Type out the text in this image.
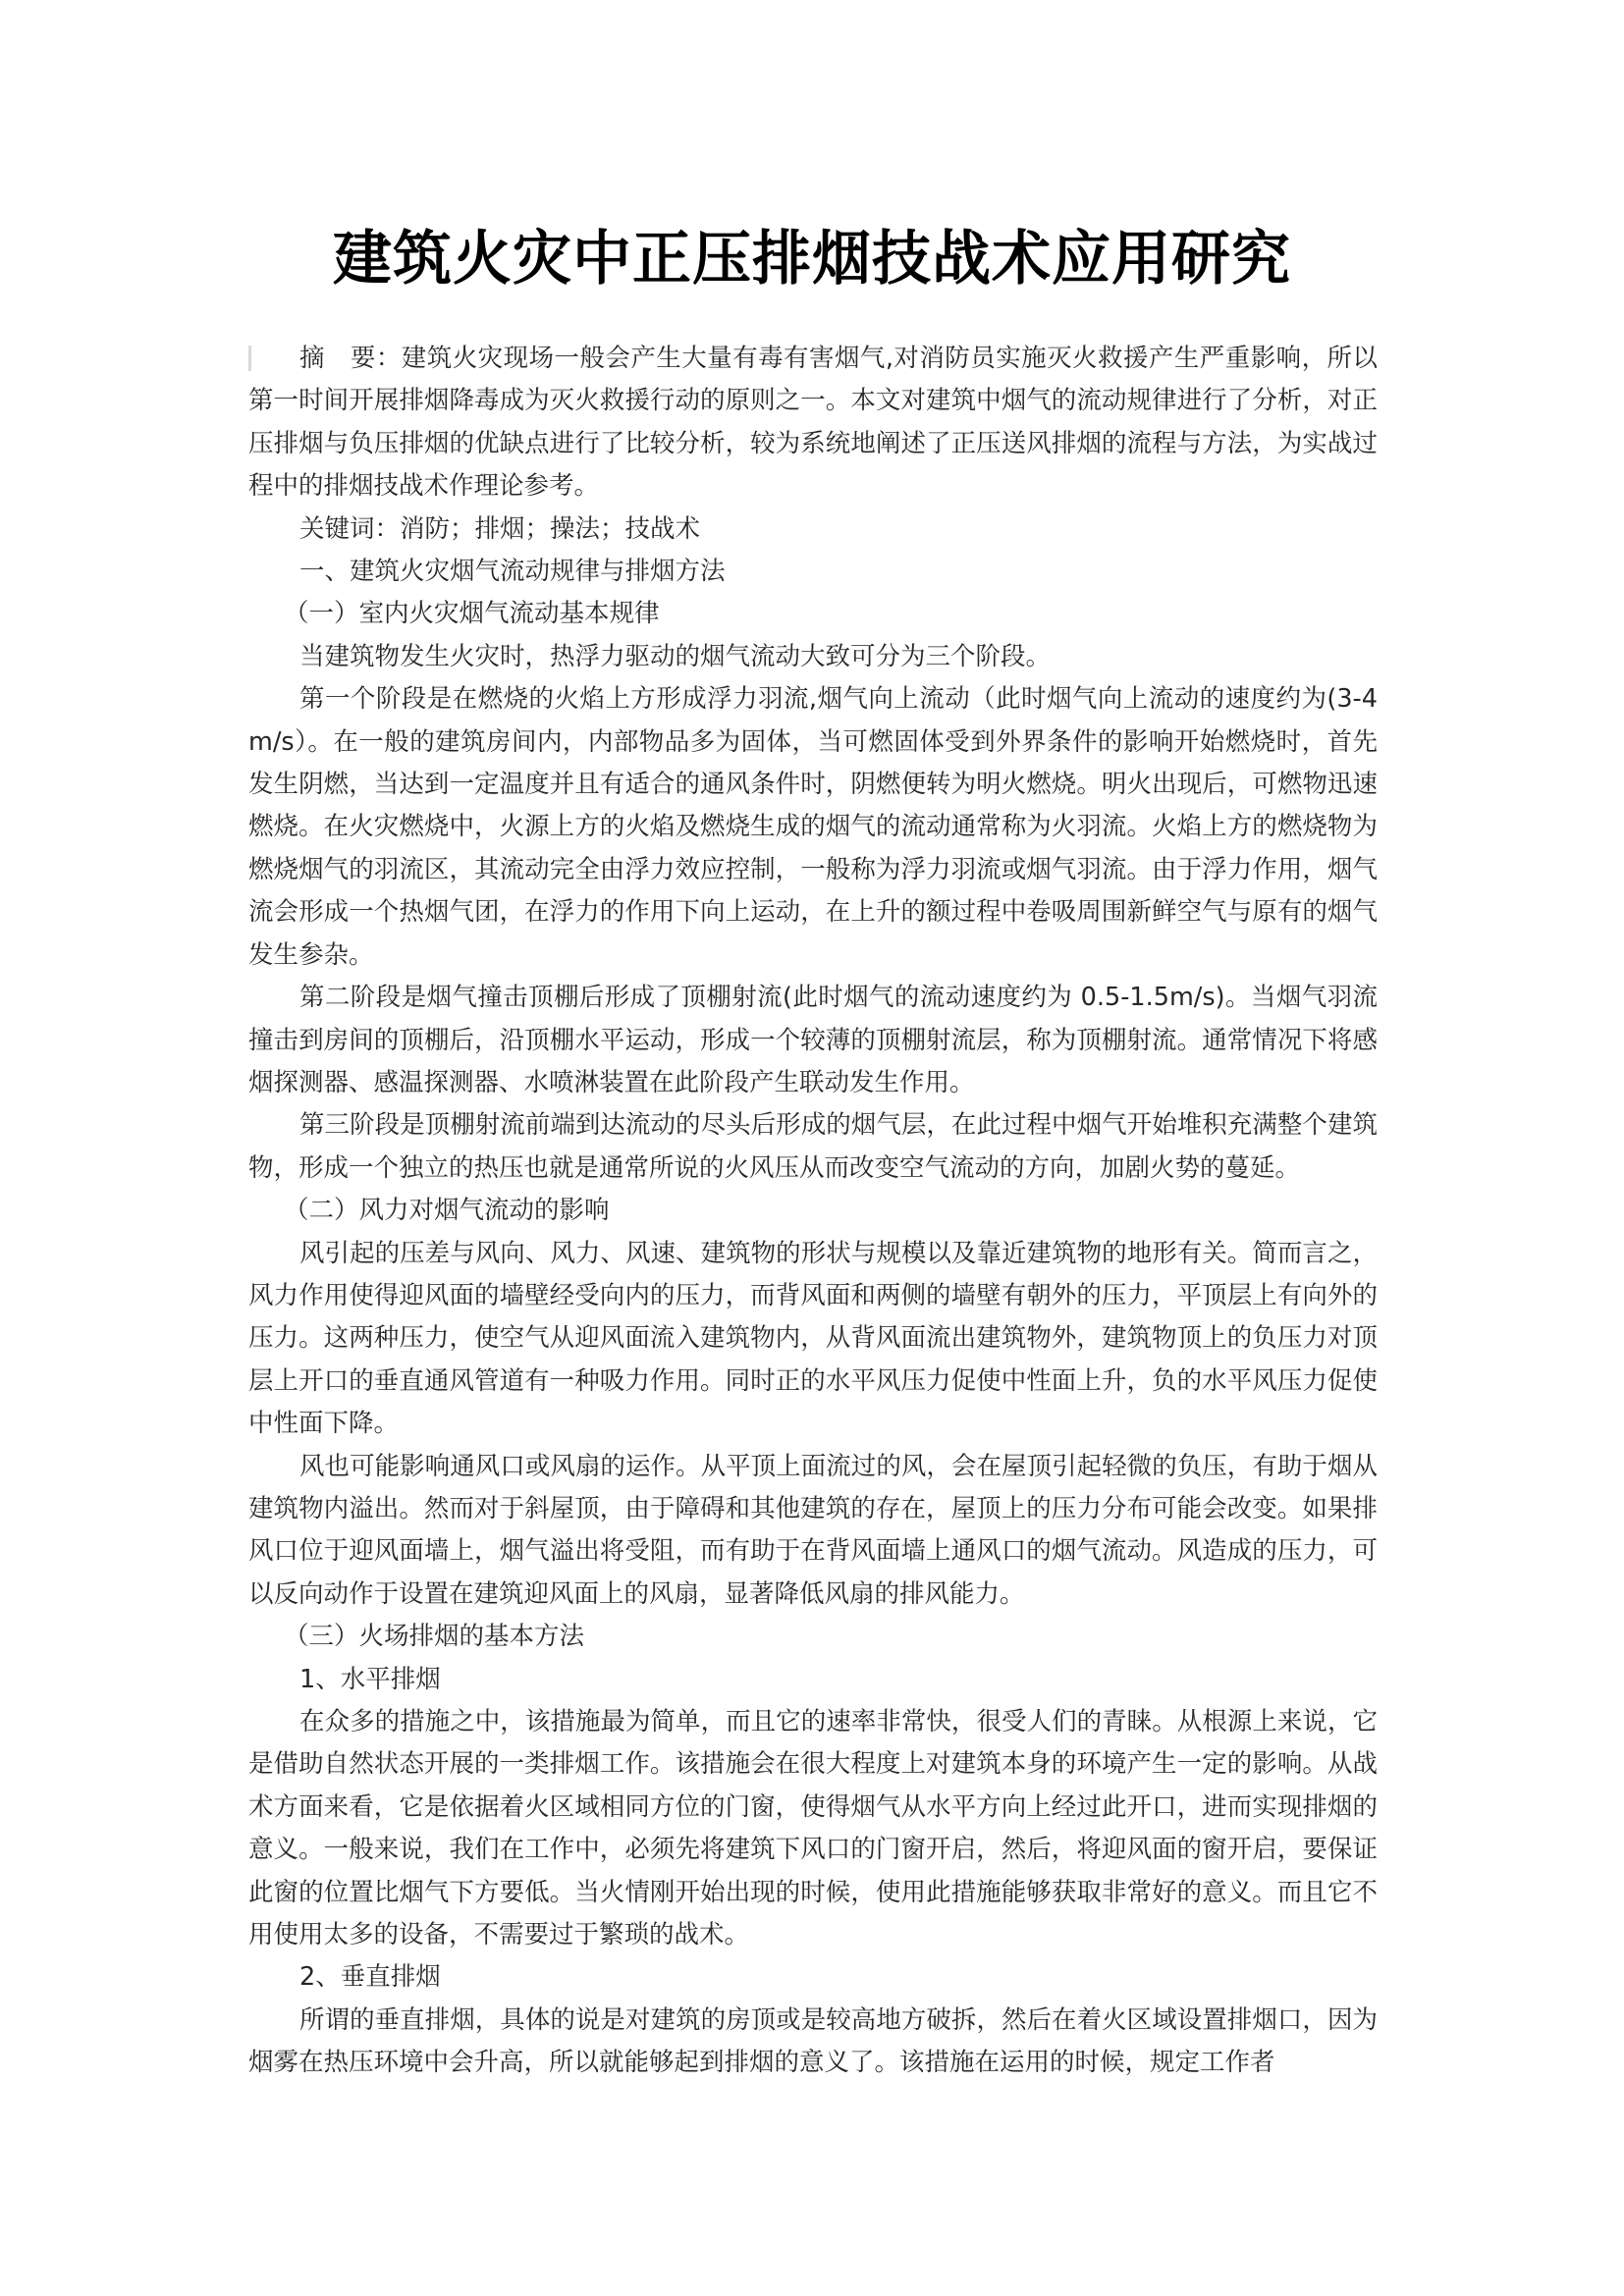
建筑火灾中正压排烟技战术应用研究

摘　要：建筑火灾现场一般会产生大量有毒有害烟气,对消防员实施灭火救援产生严重影响，所以第一时间开展排烟降毒成为灭火救援行动的原则之一。本文对建筑中烟气的流动规律进行了分析，对正压排烟与负压排烟的优缺点进行了比较分析，较为系统地阐述了正压送风排烟的流程与方法，为实战过程中的排烟技战术作理论参考。

关键词：消防；排烟；操法；技战术

一、建筑火灾烟气流动规律与排烟方法

（一）室内火灾烟气流动基本规律

当建筑物发生火灾时，热浮力驱动的烟气流动大致可分为三个阶段。

第一个阶段是在燃烧的火焰上方形成浮力羽流,烟气向上流动（此时烟气向上流动的速度约为(3-4m/s）。在一般的建筑房间内，内部物品多为固体，当可燃固体受到外界条件的影响开始燃烧时，首先发生阴燃，当达到一定温度并且有适合的通风条件时，阴燃便转为明火燃烧。明火出现后，可燃物迅速燃烧。在火灾燃烧中，火源上方的火焰及燃烧生成的烟气的流动通常称为火羽流。火焰上方的燃烧物为燃烧烟气的羽流区，其流动完全由浮力效应控制，一般称为浮力羽流或烟气羽流。由于浮力作用，烟气流会形成一个热烟气团，在浮力的作用下向上运动，在上升的额过程中卷吸周围新鲜空气与原有的烟气发生参杂。

第二阶段是烟气撞击顶棚后形成了顶棚射流(此时烟气的流动速度约为 0.5-1.5m/s)。当烟气羽流撞击到房间的顶棚后，沿顶棚水平运动，形成一个较薄的顶棚射流层，称为顶棚射流。通常情况下将感烟探测器、感温探测器、水喷淋装置在此阶段产生联动发生作用。

第三阶段是顶棚射流前端到达流动的尽头后形成的烟气层，在此过程中烟气开始堆积充满整个建筑物，形成一个独立的热压也就是通常所说的火风压从而改变空气流动的方向，加剧火势的蔓延。

（二）风力对烟气流动的影响

风引起的压差与风向、风力、风速、建筑物的形状与规模以及靠近建筑物的地形有关。简而言之，风力作用使得迎风面的墙壁经受向内的压力，而背风面和两侧的墙壁有朝外的压力，平顶层上有向外的压力。这两种压力，使空气从迎风面流入建筑物内，从背风面流出建筑物外，建筑物顶上的负压力对顶层上开口的垂直通风管道有一种吸力作用。同时正的水平风压力促使中性面上升，负的水平风压力促使中性面下降。

风也可能影响通风口或风扇的运作。从平顶上面流过的风，会在屋顶引起轻微的负压，有助于烟从建筑物内溢出。然而对于斜屋顶，由于障碍和其他建筑的存在，屋顶上的压力分布可能会改变。如果排风口位于迎风面墙上，烟气溢出将受阻，而有助于在背风面墙上通风口的烟气流动。风造成的压力，可以反向动作于设置在建筑迎风面上的风扇，显著降低风扇的排风能力。

（三）火场排烟的基本方法

1、水平排烟

在众多的措施之中，该措施最为简单，而且它的速率非常快，很受人们的青睐。从根源上来说，它是借助自然状态开展的一类排烟工作。该措施会在很大程度上对建筑本身的环境产生一定的影响。从战术方面来看，它是依据着火区域相同方位的门窗，使得烟气从水平方向上经过此开口，进而实现排烟的意义。一般来说，我们在工作中，必须先将建筑下风口的门窗开启，然后，将迎风面的窗开启，要保证此窗的位置比烟气下方要低。当火情刚开始出现的时候，使用此措施能够获取非常好的意义。而且它不用使用太多的设备，不需要过于繁琐的战术。

2、垂直排烟

所谓的垂直排烟，具体的说是对建筑的房顶或是较高地方破拆，然后在着火区域设置排烟口，因为烟雾在热压环境中会升高，所以就能够起到排烟的意义了。该措施在运用的时候，规定工作者
